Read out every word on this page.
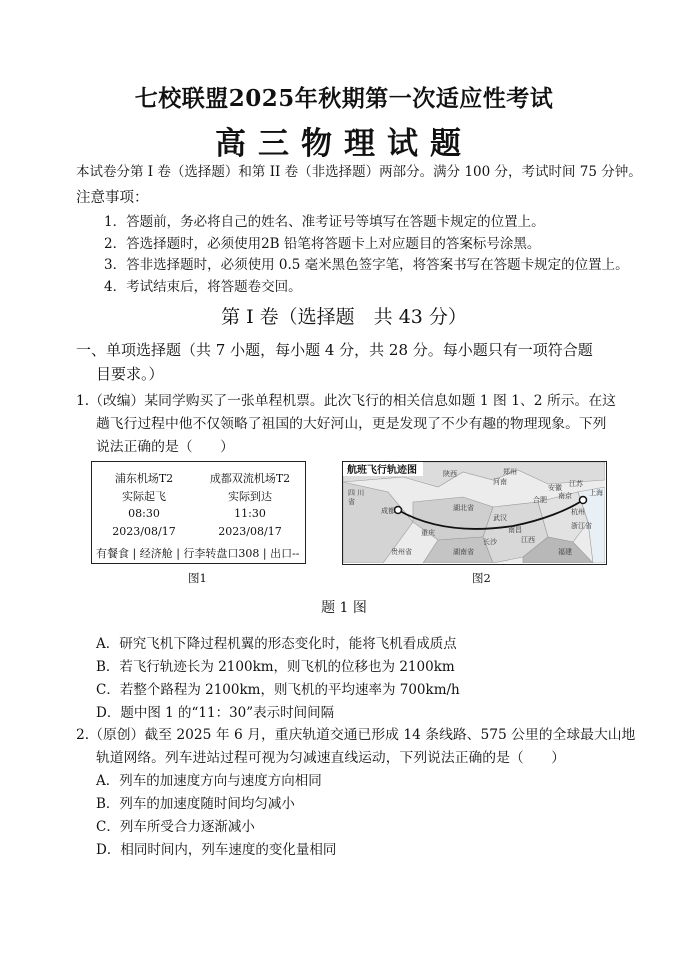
七校联盟2025年秋期第一次适应性考试
高三物理试题
本试卷分第 I 卷（选择题）和第 II 卷（非选择题）两部分。满分 100 分，考试时间 75 分钟。
注意事项：
1．答题前，务必将自己的姓名、准考证号等填写在答题卡规定的位置上。
2．答选择题时，必须使用2B 铅笔将答题卡上对应题目的答案标号涂黑。
3．答非选择题时，必须使用 0.5 毫米黑色签字笔，将答案书写在答题卡规定的位置上。
4．考试结束后，将答题卷交回。
第 I 卷（选择题　共 43 分）
一、单项选择题（共 7 小题，每小题 4 分，共 28 分。每小题只有一项符合题
目要求。）
1.（改编）某同学购买了一张单程机票。此次飞行的相关信息如题 1 图 1、2 所示。在这
趟飞行过程中他不仅领略了祖国的大好河山，更是发现了不少有趣的物理现象。下列
说法正确的是（　　）
浦东机场T2	成都双流机场T2
实际起飞	实际到达
08:30	11:30
2023/08/17	2023/08/17
有餐食 | 经济舱 | 行李转盘口308 | 出口--
航班飞行轨迹图
四 川
成都
重庆
陕西
河南
安徽
湖北省
湖南省
武汉
合肥 南京 上海
杭州
浙江省
江西
江苏
长沙
南昌
贵州省	福建
省
郑州
图1	图2
题 1 图
A．研究飞机下降过程机翼的形态变化时，能将飞机看成质点
B．若飞行轨迹长为 2100km，则飞机的位移也为 2100km
C．若整个路程为 2100km，则飞机的平均速率为 700km/h
D．题中图 1 的“11：30”表示时间间隔
2.（原创）截至 2025 年 6 月，重庆轨道交通已形成 14 条线路、575 公里的全球最大山地
轨道网络。列车进站过程可视为匀减速直线运动，下列说法正确的是（　　）
A．列车的加速度方向与速度方向相同
B．列车的加速度随时间均匀减小
C．列车所受合力逐渐减小
D．相同时间内，列车速度的变化量相同
